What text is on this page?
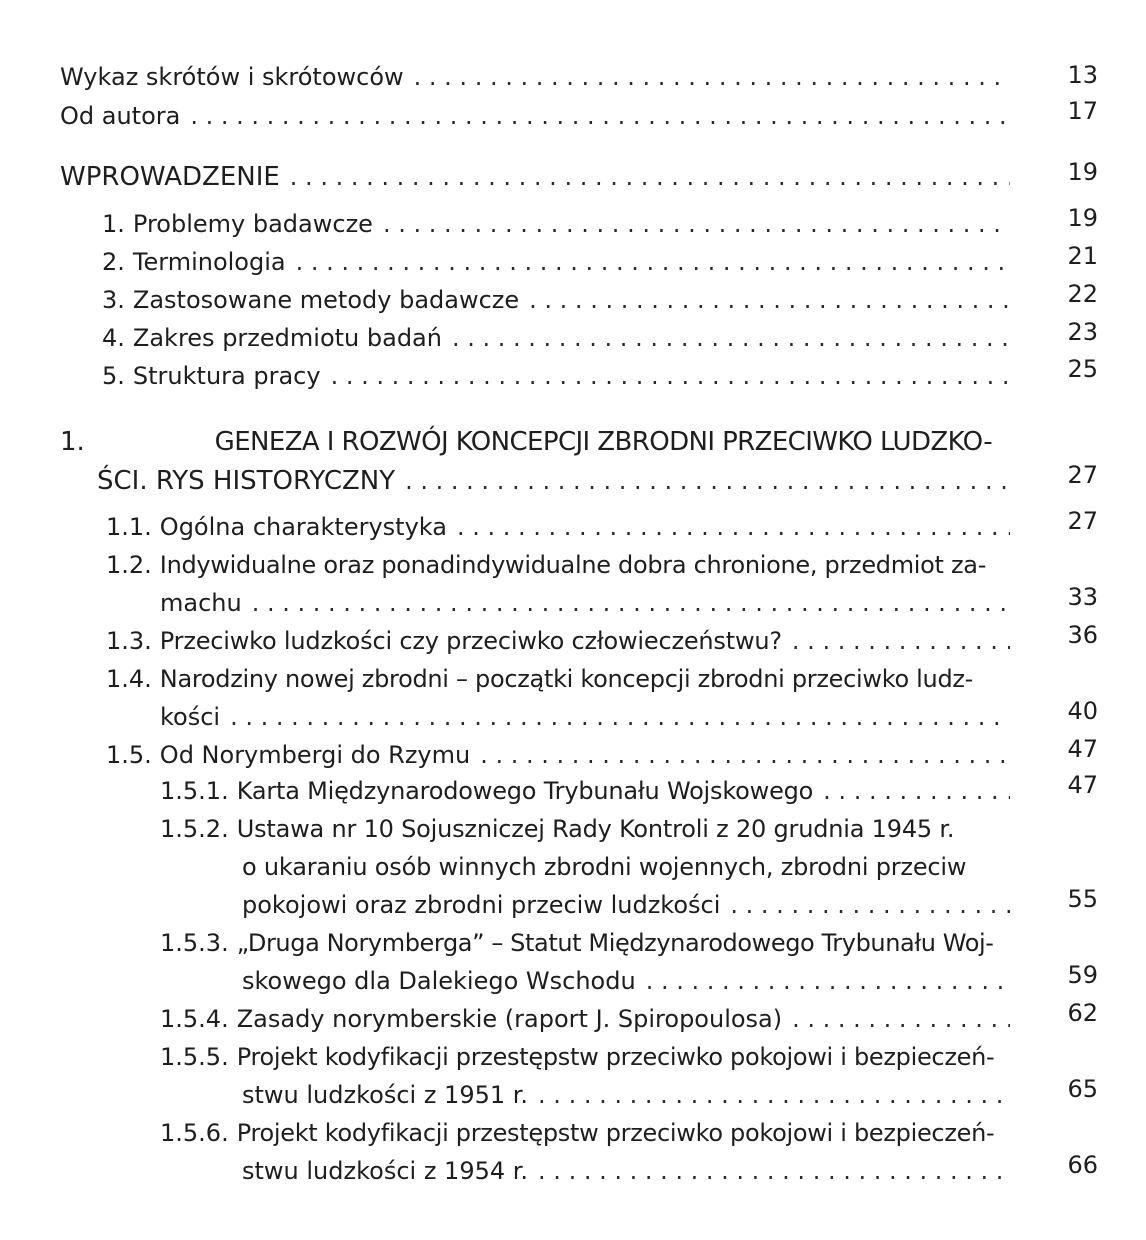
Wykaz skrótów i skrótowców . . .	13
Od autora . . .	17
WPROWADZENIE . . .	19
1. Problemy badawcze . . .	19
2. Terminologia . . .	21
3. Zastosowane metody badawcze . . .	22
4. Zakres przedmiotu badań . . .	23
5. Struktura pracy . . .	25
1.	GENEZA I ROZWÓJ KONCEPCJI ZBRODNI PRZECIWKO LUDZKO-
ŚCI. RYS HISTORYCZNY . . .	27
1.1. Ogólna charakterystyka . . .	27
1.2. Indywidualne oraz ponadindywidualne dobra chronione, przedmiot za-
machu . . .	33
1.3. Przeciwko ludzkości czy przeciwko człowieczeństwu? . . .	36
1.4. Narodziny nowej zbrodni – początki koncepcji zbrodni przeciwko ludz-
kości . . .	40
1.5. Od Norymbergi do Rzymu . . .	47
1.5.1. Karta Międzynarodowego Trybunału Wojskowego . . .	47
1.5.2. Ustawa nr 10 Sojuszniczej Rady Kontroli z 20 grudnia 1945 r.
o ukaraniu osób winnych zbrodni wojennych, zbrodni przeciw
pokojowi oraz zbrodni przeciw ludzkości . . .	55
1.5.3. „Druga Norymberga” – Statut Międzynarodowego Trybunału Woj-
skowego dla Dalekiego Wschodu . . .	59
1.5.4. Zasady norymberskie (raport J. Spiropoulosa) . . .	62
1.5.5. Projekt kodyfikacji przestępstw przeciwko pokojowi i bezpieczeń-
stwu ludzkości z 1951 r. . . .	65
1.5.6. Projekt kodyfikacji przestępstw przeciwko pokojowi i bezpieczeń-
stwu ludzkości z 1954 r. . . .	66
